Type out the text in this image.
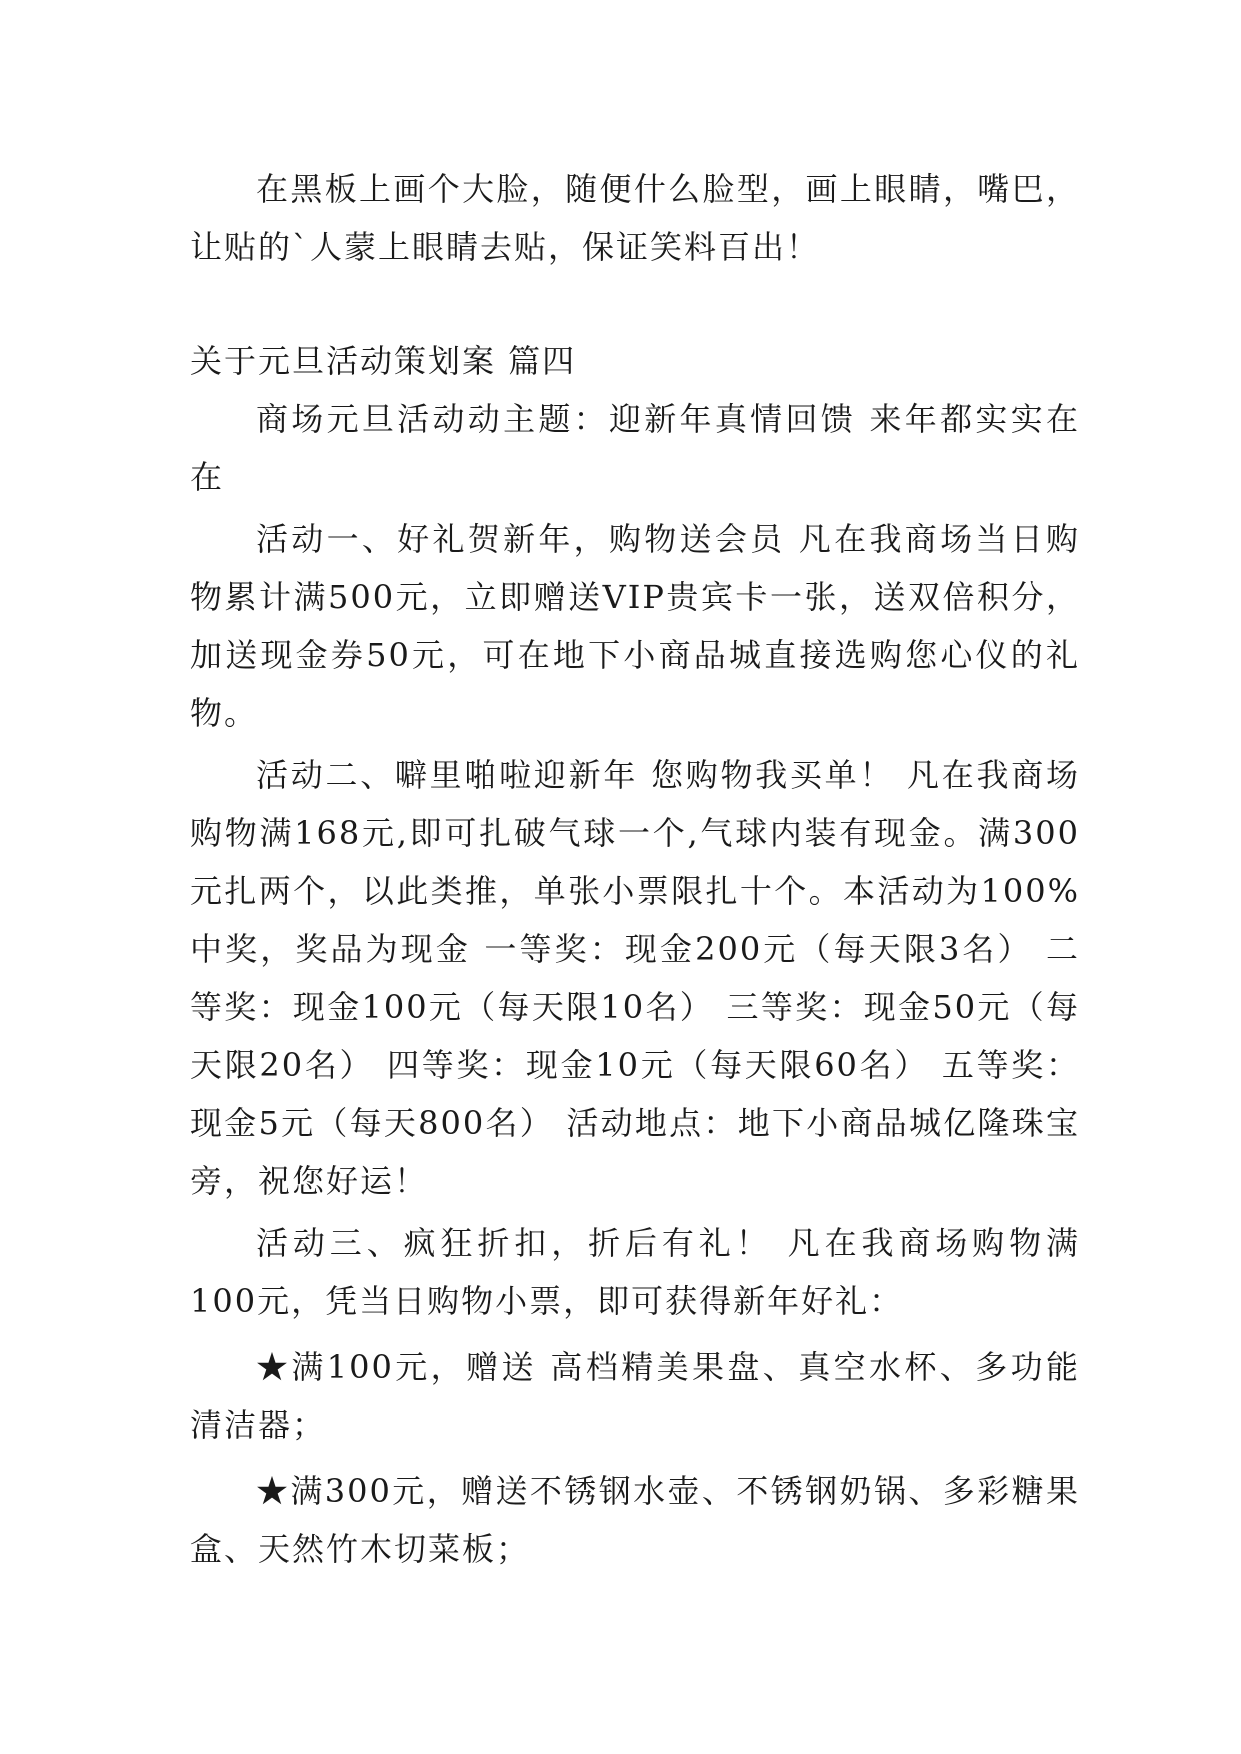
在黑板上画个大脸，随便什么脸型，画上眼睛，嘴巴，让贴的`人蒙上眼睛去贴，保证笑料百出！

关于元旦活动策划案 篇四

商场元旦活动动主题：迎新年真情回馈 来年都实实在在

活动一、好礼贺新年，购物送会员 凡在我商场当日购物累计满500元，立即赠送VIP贵宾卡一张，送双倍积分，加送现金券50元，可在地下小商品城直接选购您心仪的礼物。

活动二、噼里啪啦迎新年 您购物我买单！ 凡在我商场购物满168元,即可扎破气球一个,气球内装有现金。满300元扎两个，以此类推，单张小票限扎十个。本活动为100%中奖，奖品为现金 一等奖：现金200元（每天限3名） 二等奖：现金100元（每天限10名） 三等奖：现金50元（每天限20名） 四等奖：现金10元（每天限60名） 五等奖：现金5元（每天800名） 活动地点：地下小商品城亿隆珠宝旁，祝您好运！

活动三、疯狂折扣，折后有礼！ 凡在我商场购物满100元，凭当日购物小票，即可获得新年好礼：

★满100元，赠送 高档精美果盘、真空水杯、多功能清洁器；

★满300元，赠送不锈钢水壶、不锈钢奶锅、多彩糖果盒、天然竹木切菜板；
